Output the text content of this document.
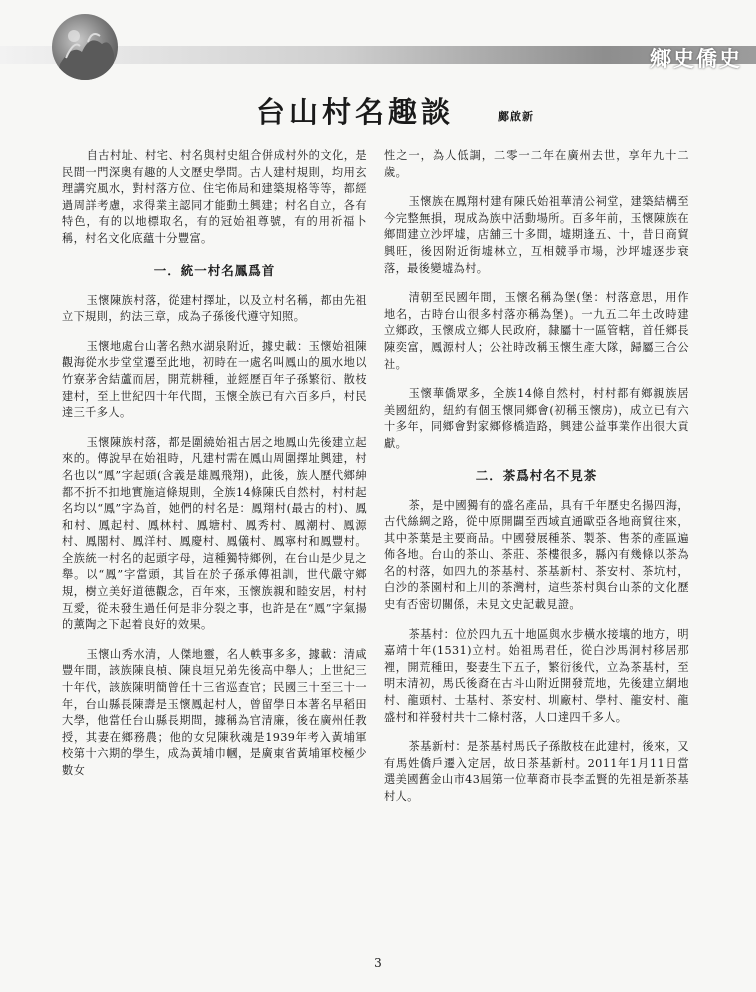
鄉史僑史
台山村名趣談	鄺啟新

自古村址、村宅、村名與村史組合併成村外的文化，是民間一門深奧有趣的人文歷史學問。古人建村規則，均用玄理講究風水，對村落方位、住宅佈局和建築規格等等，都經過周詳考慮，求得業主認同才能動土興建；村名自立，各有特色，有的以地標取名，有的冠始祖尊號，有的用祈福卜稱，村名文化底蘊十分豐富。

一．統一村名鳳爲首

玉懷陳族村落，從建村擇址，以及立村名稱，都由先祖立下規則，約法三章，成為子孫後代遵守知照。

玉懷地處台山著名熱水湖泉附近，據史載：玉懷始祖陳觀海從水步堂堂遷至此地，初時在一處名叫鳳山的風水地以竹寮茅舍結蘆而居，開荒耕種，並經歷百年子孫繁衍、散枝建村，至上世紀四十年代間，玉懷全族已有六百多戶，村民達三千多人。

玉懷陳族村落，都是圍繞始祖古居之地鳳山先後建立起來的。傳說早在始祖時，凡建村需在鳳山周圍擇址興建，村名也以“鳳”字起頭(含義是雄鳳飛翔)，此後，族人歷代鄉紳都不折不扣地實施這條規則，全族14條陳氏自然村，村村起名均以“鳳”字為首，她們的村名是：鳳翔村(最古的村)、鳳和村、鳳起村、鳳林村、鳳塘村、鳳秀村、鳳潮村、鳳源村、鳳閣村、鳳洋村、鳳慶村、鳳儀村、鳳寧村和鳳豐村。全族統一村名的起頭字母，這種獨特鄉例，在台山是少見之舉。以“鳳”字當頭，其旨在於子孫承傳祖訓，世代嚴守鄉規，樹立美好道德觀念，百年來，玉懷族親和睦安居，村村互愛，從未發生過任何是非分裂之事，也許是在“鳳”字氣揚的薰陶之下起着良好的效果。

玉懷山秀水清，人傑地靈，名人軼事多多，據載：清咸豐年間，該族陳良楨、陳良垣兄弟先後高中舉人；上世紀三十年代，該族陳明簡曾任十三省巡查官；民國三十至三十一年，台山縣長陳壽是玉懷鳳起村人，曾留學日本著名早稻田大學，他當任台山縣長期間，據稱為官清廉，後在廣州任教授，其妻在鄉務農；他的女兒陳秋魂是1939年考入黃埔軍校第十六期的學生，成為黃埔巾幗，是廣東省黃埔軍校極少數女

性之一，為人低調，二零一二年在廣州去世，享年九十二歲。

玉懷族在鳳翔村建有陳氏始祖華清公祠堂，建築結構至今完整無損，現成為族中活動場所。百多年前，玉懷陳族在鄉間建立沙坪墟，店舖三十多間，墟期逢五、十，昔日商貿興旺，後因附近街墟林立，互相競爭市場，沙坪墟逐步衰落，最後變墟為村。

清朝至民國年間，玉懷名稱為堡(堡：村落意思，用作地名，古時台山很多村落亦稱為堡)。一九五二年土改時建立鄉政，玉懷成立鄉人民政府，隸屬十一區管轄，首任鄉長陳奕富，鳳源村人；公社時改稱玉懷生產大隊，歸屬三合公社。

玉懷華僑眾多，全族14條自然村，村村都有鄉親族居美國紐約，紐約有個玉懷同鄉會(初稱玉懷房)，成立已有六十多年，同鄉會對家鄉修橋造路，興建公益事業作出很大貢獻。

二．茶爲村名不見茶

茶，是中國獨有的盛名產品，具有千年歷史名揚四海，古代絲綢之路，從中原開闢至西域直通歐亞各地商貿往來，其中茶葉是主要商品。中國發展種茶、製茶、售茶的產區遍佈各地。台山的茶山、茶莊、茶樓很多，縣內有幾條以茶為名的村落，如四九的茶基村、茶基新村、茶安村、茶坑村，白沙的茶園村和上川的茶灣村，這些茶村與台山茶的文化歷史有否密切關係，未見文史記載見證。

茶基村：位於四九五十地區與水步橫水接壤的地方，明嘉靖十年(1531)立村。始祖馬君任，從白沙馬洞村移居那裡，開荒種田，娶妻生下五子，繁衍後代，立為茶基村，至明末清初，馬氏後裔在古斗山附近開發荒地，先後建立網地村、龍頭村、士基村、茶安村、圳廠村、學村、龍安村、龍盛村和祥發村共十二條村落，人口達四千多人。

茶基新村：是茶基村馬氏子孫散枝在此建村，後來，又有馬姓僑戶遷入定居，故日茶基新村。2011年1月11日當選美國舊金山市43屆第一位華裔市長李孟賢的先祖是新茶基村人。

3
